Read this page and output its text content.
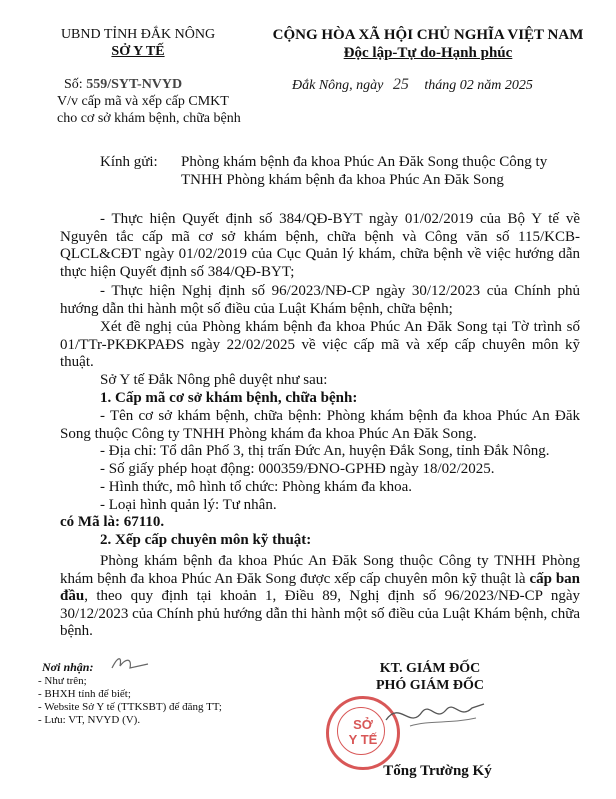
UBND TỈNH ĐẮK NÔNG
SỞ Y TẾ
CỘNG HÒA XÃ HỘI CHỦ NGHĨA VIỆT NAM
Độc lập-Tự do-Hạnh phúc
Số: 559/SYT-NVYD	Đắk Nông, ngày 25 tháng 02 năm 2025
V/v cấp mã và xếp cấp CMKT
cho cơ sở khám bệnh, chữa bệnh
Kính gửi: Phòng khám bệnh đa khoa Phúc An Đăk Song thuộc Công ty
TNHH Phòng khám bệnh đa khoa Phúc An Đăk Song
- Thực hiện Quyết định số 384/QĐ-BYT ngày 01/02/2019 của Bộ Y tế về Nguyên tắc cấp mã cơ sở khám bệnh, chữa bệnh và Công văn số 115/KCB-QLCL&CĐT ngày 01/02/2019 của Cục Quản lý khám, chữa bệnh về việc hướng dẫn thực hiện Quyết định số 384/QĐ-BYT;
- Thực hiện Nghị định số 96/2023/NĐ-CP ngày 30/12/2023 của Chính phủ hướng dẫn thi hành một số điều của Luật Khám bệnh, chữa bệnh;
Xét đề nghị của Phòng khám bệnh đa khoa Phúc An Đăk Song tại Tờ trình số 01/TTr-PKĐKPAĐS ngày 22/02/2025 về việc cấp mã và xếp cấp chuyên môn kỹ thuật.
Sở Y tế Đắk Nông phê duyệt như sau:
1. Cấp mã cơ sở khám bệnh, chữa bệnh:
- Tên cơ sở khám bệnh, chữa bệnh: Phòng khám bệnh đa khoa Phúc An Đăk Song thuộc Công ty TNHH Phòng khám đa khoa Phúc An Đăk Song.
- Địa chỉ: Tổ dân Phố 3, thị trấn Đức An, huyện Đắk Song, tỉnh Đắk Nông.
- Số giấy phép hoạt động: 000359/ĐNO-GPHĐ ngày 18/02/2025.
- Hình thức, mô hình tổ chức: Phòng khám đa khoa.
- Loại hình quản lý: Tư nhân.
có Mã là: 67110.
2. Xếp cấp chuyên môn kỹ thuật:
Phòng khám bệnh đa khoa Phúc An Đăk Song thuộc Công ty TNHH Phòng khám bệnh đa khoa Phúc An Đăk Song được xếp cấp chuyên môn kỹ thuật là cấp ban đầu, theo quy định tại khoản 1, Điều 89, Nghị định số 96/2023/NĐ-CP ngày 30/12/2023 của Chính phủ hướng dẫn thi hành một số điều của Luật Khám bệnh, chữa bệnh.
Nơi nhận:
- Như trên;
- BHXH tỉnh để biết;
- Website Sở Y tế (TTKSBT) để đăng TT;
- Lưu: VT, NVYD (V).
KT. GIÁM ĐỐC
PHÓ GIÁM ĐỐC
SỞ
Y TẾ
Tống Trường Ký
